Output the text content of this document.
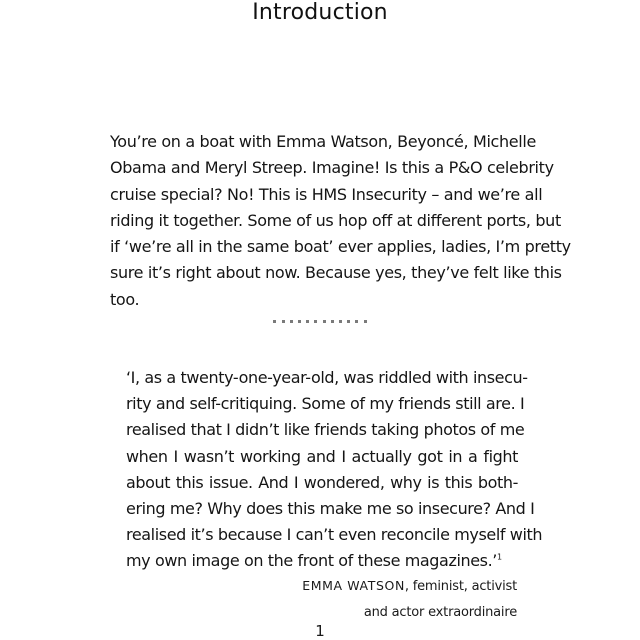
Introduction
You’re on a boat with Emma Watson, Beyoncé, Michelle
Obama and Meryl Streep. Imagine! Is this a P&O celebrity
cruise special? No! This is HMS Insecurity – and we’re all
riding it together. Some of us hop off at different ports, but
if ‘we’re all in the same boat’ ever applies, ladies, I’m pretty
sure it’s right about now. Because yes, they’ve felt like this
too.

‘I, as a twenty-one-year-old, was riddled with insecu-
rity and self-critiquing. Some of my friends still are. I
realised that I didn’t like friends taking photos of me
when I wasn’t working and I actually got in a fight
about this issue. And I wondered, why is this both-
ering me? Why does this make me so insecure? And I
realised it’s because I can’t even reconcile myself with
my own image on the front of these magazines.’$^1$
EMMA WATSON, feminist, activist
and actor extraordinaire
1
